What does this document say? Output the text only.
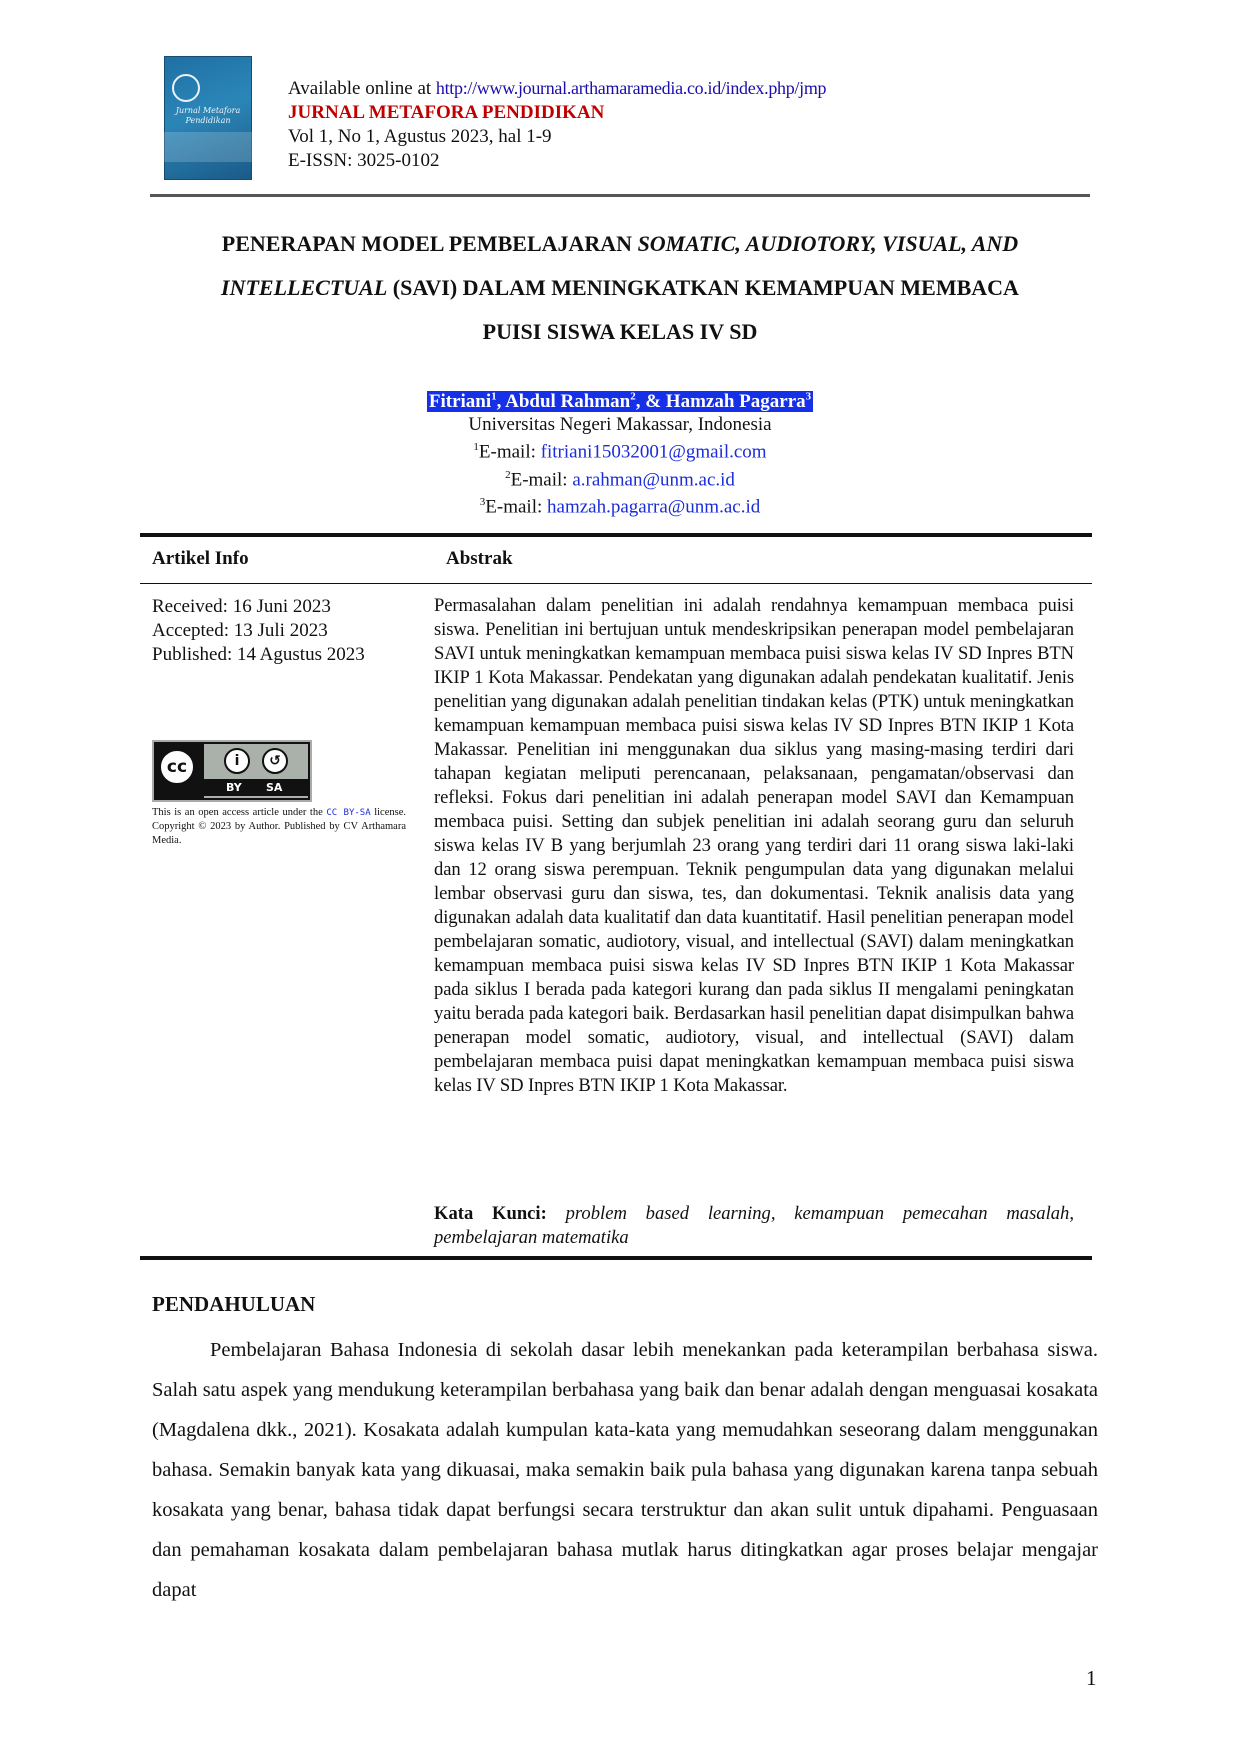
Jurnal Metafora Pendidikan
Available online at http://www.journal.arthamaramedia.co.id/index.php/jmp
JURNAL METAFORA PENDIDIKAN
Vol 1, No 1, Agustus 2023, hal 1-9
E-ISSN: 3025-0102
PENERAPAN MODEL PEMBELAJARAN SOMATIC, AUDIOTORY, VISUAL, AND
INTELLECTUAL (SAVI) DALAM MENINGKATKAN KEMAMPUAN MEMBACA
PUISI SISWA KELAS IV SD
Fitriani$^1$, Abdul Rahman$^2$, & Hamzah Pagarra$^3$
Universitas Negeri Makassar, Indonesia
$^1$E-mail: fitriani15032001@gmail.com
$^2$E-mail: a.rahman@unm.ac.id
$^3$E-mail: hamzah.pagarra@unm.ac.id
Artikel Info	Abstrak
Received: 16 Juni 2023
Accepted: 13 Juli 2023
Published: 14 Agustus 2023
cc	i	↺
BY SA
This is an open access article under the CC BY-SA license. Copyright © 2023 by Author. Published by CV Arthamara Media.
Permasalahan dalam penelitian ini adalah rendahnya kemampuan membaca puisi siswa. Penelitian ini bertujuan untuk mendeskripsikan penerapan model pembelajaran SAVI untuk meningkatkan kemampuan membaca puisi siswa kelas IV SD Inpres BTN IKIP 1 Kota Makassar. Pendekatan yang digunakan adalah pendekatan kualitatif. Jenis penelitian yang digunakan adalah penelitian tindakan kelas (PTK) untuk meningkatkan kemampuan kemampuan membaca puisi siswa kelas IV SD Inpres BTN IKIP 1 Kota Makassar. Penelitian ini menggunakan dua siklus yang masing-masing terdiri dari tahapan kegiatan meliputi perencanaan, pelaksanaan, pengamatan/observasi dan refleksi. Fokus dari penelitian ini adalah penerapan model SAVI dan Kemampuan membaca puisi. Setting dan subjek penelitian ini adalah seorang guru dan seluruh siswa kelas IV B yang berjumlah 23 orang yang terdiri dari 11 orang siswa laki-laki dan 12 orang siswa perempuan. Teknik pengumpulan data yang digunakan melalui lembar observasi guru dan siswa, tes, dan dokumentasi. Teknik analisis data yang digunakan adalah data kualitatif dan data kuantitatif. Hasil penelitian penerapan model pembelajaran somatic, audiotory, visual, and intellectual (SAVI) dalam meningkatkan kemampuan membaca puisi siswa kelas IV SD Inpres BTN IKIP 1 Kota Makassar pada siklus I berada pada kategori kurang dan pada siklus II mengalami peningkatan yaitu berada pada kategori baik. Berdasarkan hasil penelitian dapat disimpulkan bahwa penerapan model somatic, audiotory, visual, and intellectual (SAVI) dalam pembelajaran membaca puisi dapat meningkatkan kemampuan membaca puisi siswa kelas IV SD Inpres BTN IKIP 1 Kota Makassar.
Kata Kunci: problem based learning, kemampuan pemecahan masalah, pembelajaran matematika
PENDAHULUAN
Pembelajaran Bahasa Indonesia di sekolah dasar lebih menekankan pada keterampilan berbahasa siswa. Salah satu aspek yang mendukung keterampilan berbahasa yang baik dan benar adalah dengan menguasai kosakata (Magdalena dkk., 2021). Kosakata adalah kumpulan kata-kata yang memudahkan seseorang dalam menggunakan bahasa. Semakin banyak kata yang dikuasai, maka semakin baik pula bahasa yang digunakan karena tanpa sebuah kosakata yang benar, bahasa tidak dapat berfungsi secara terstruktur dan akan sulit untuk dipahami. Penguasaan dan pemahaman kosakata dalam pembelajaran bahasa mutlak harus ditingkatkan agar proses belajar mengajar dapat
1
